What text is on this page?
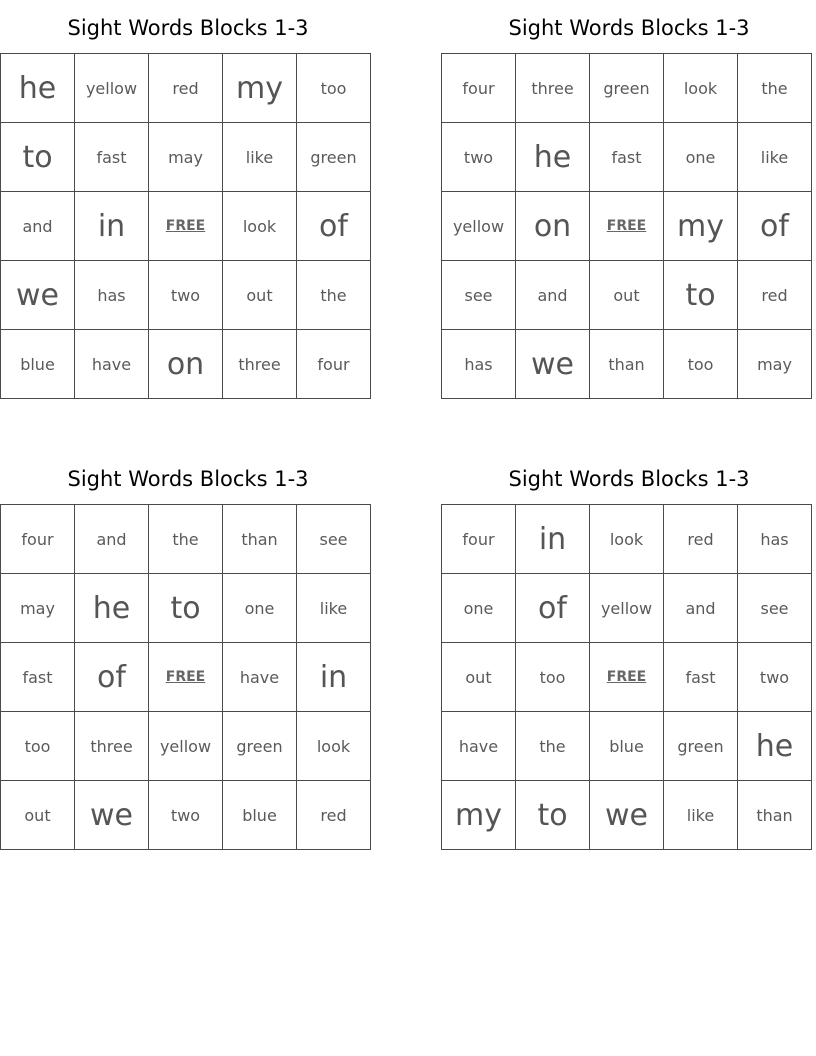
Sight Words Blocks 1-3
he	yellow	red	my	too
to	fast	may	like	green
and	in	FREE	look	of
we	has	two	out	the
blue	have	on	three	four
Sight Words Blocks 1-3
four	three	green	look	the
two	he	fast	one	like
yellow	on	FREE	my	of
see	and	out	to	red
has	we	than	too	may
Sight Words Blocks 1-3
four	and	the	than	see
may	he	to	one	like
fast	of	FREE	have	in
too	three	yellow	green	look
out	we	two	blue	red
Sight Words Blocks 1-3
four	in	look	red	has
one	of	yellow	and	see
out	too	FREE	fast	two
have	the	blue	green	he
my	to	we	like	than
